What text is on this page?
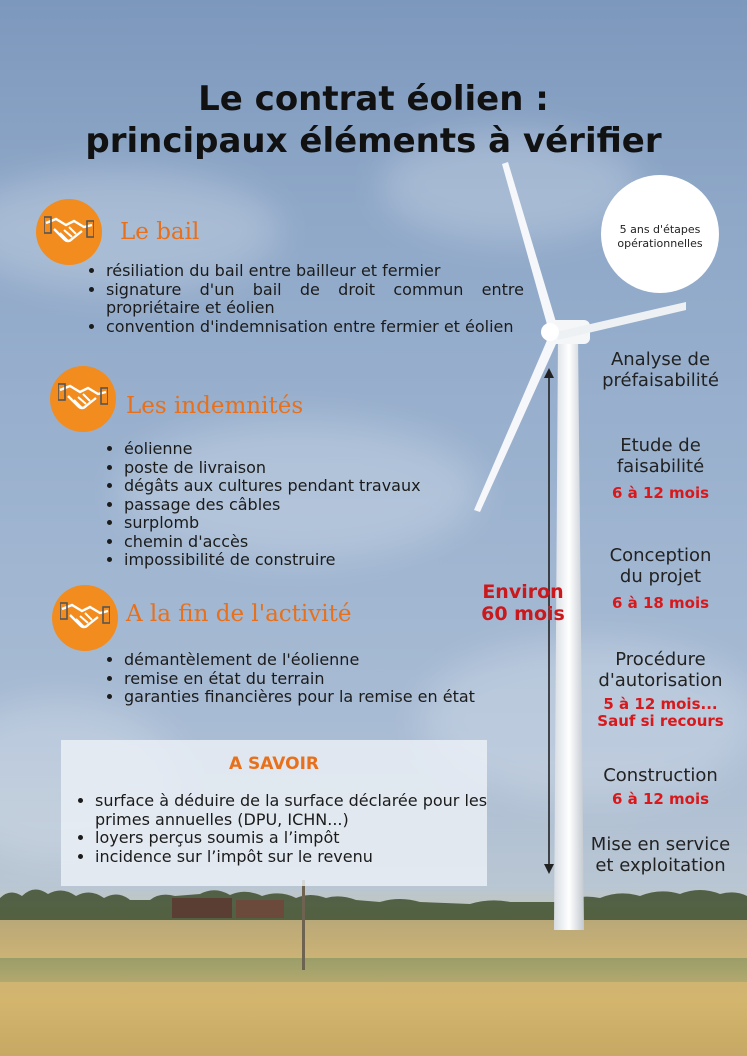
Le contrat éolien :
principaux éléments à vérifier
Le bail
• résiliation du bail entre bailleur et fermier
• signature d'un bail de droit commun entre propriétaire et éolien
• convention d'indemnisation entre fermier et éolien
Les indemnités
• éolienne
• poste de livraison
• dégâts aux cultures pendant travaux
• passage des câbles
• surplomb
• chemin d'accès
• impossibilité de construire
A la fin de l'activité
• démantèlement de l'éolienne
• remise en état du terrain
• garanties financières pour la remise en état
A SAVOIR
• surface à déduire de la surface déclarée pour les primes annuelles (DPU, ICHN...)
• loyers perçus soumis a l’impôt
• incidence sur l’impôt sur le revenu
5 ans d'étapes
opérationnelles
Environ
60 mois
Analyse de
préfaisabilité
Etude de
faisabilité
6 à 12 mois
Conception
du projet
6 à 18 mois
Procédure
d'autorisation
5 à 12 mois...
Sauf si recours
Construction
6 à 12 mois
Mise en service
et exploitation
